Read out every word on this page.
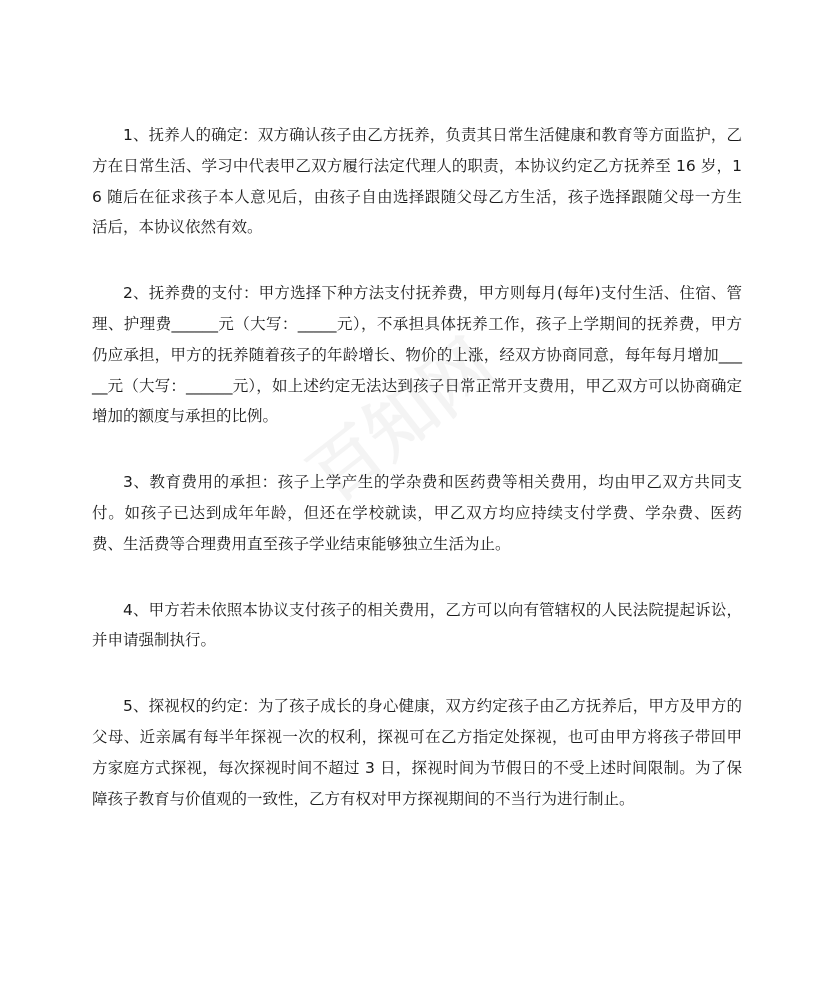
1、抚养人的确定：双方确认孩子由乙方抚养，负责其日常生活健康和教育等方面监护，乙方在日常生活、学习中代表甲乙双方履行法定代理人的职责，本协议约定乙方抚养至 16 岁，16 随后在征求孩子本人意见后，由孩子自由选择跟随父母乙方生活，孩子选择跟随父母一方生活后，本协议依然有效。

2、抚养费的支付：甲方选择下种方法支付抚养费，甲方则每月(每年)支付生活、住宿、管理、护理费______元（大写：_____元），不承担具体抚养工作，孩子上学期间的抚养费，甲方仍应承担，甲方的抚养随着孩子的年龄增长、物价的上涨，经双方协商同意，每年每月增加_____元（大写：______元），如上述约定无法达到孩子日常正常开支费用，甲乙双方可以协商确定增加的额度与承担的比例。

3、教育费用的承担：孩子上学产生的学杂费和医药费等相关费用，均由甲乙双方共同支付。如孩子已达到成年年龄，但还在学校就读，甲乙双方均应持续支付学费、学杂费、医药费、生活费等合理费用直至孩子学业结束能够独立生活为止。

4、甲方若未依照本协议支付孩子的相关费用，乙方可以向有管辖权的人民法院提起诉讼，并申请强制执行。

5、探视权的约定：为了孩子成长的身心健康，双方约定孩子由乙方抚养后，甲方及甲方的父母、近亲属有每半年探视一次的权利，探视可在乙方指定处探视，也可由甲方将孩子带回甲方家庭方式探视，每次探视时间不超过 3 日，探视时间为节假日的不受上述时间限制。为了保障孩子教育与价值观的一致性，乙方有权对甲方探视期间的不当行为进行制止。
